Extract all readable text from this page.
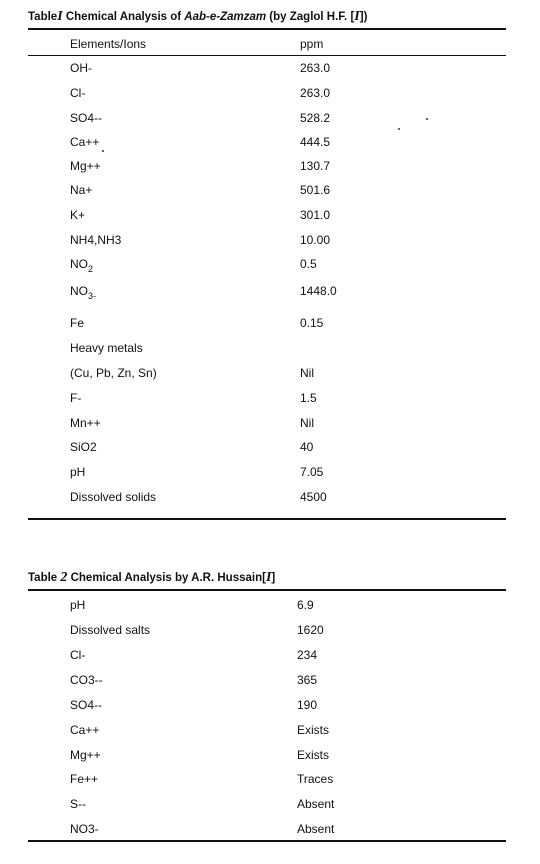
TableI Chemical Analysis of Aab-e-Zamzam (by Zaglol H.F. [I])
Elements/Ions	ppm
OH-	263.0
Cl-	263.0
SO4--	528.2
Ca++	444.5
Mg++	130.7
Na+	501.6
K+	301.0
NH4,NH3	10.00
$NO_2$	0.5
$NO_{3-}$	1448.0
Fe	0.15
Heavy metals
(Cu, Pb, Zn, Sn)	Nil
F-	1.5
Mn++	Nil
SiO2	40
pH	7.05
Dissolved solids	4500
Table 2 Chemical Analysis by A.R. Hussain[I]
pH	6.9
Dissolved salts	1620
Cl-	234
CO3--	365
SO4--	190
Ca++	Exists
Mg++	Exists
Fe++	Traces
S--	Absent
NO3-	Absent
